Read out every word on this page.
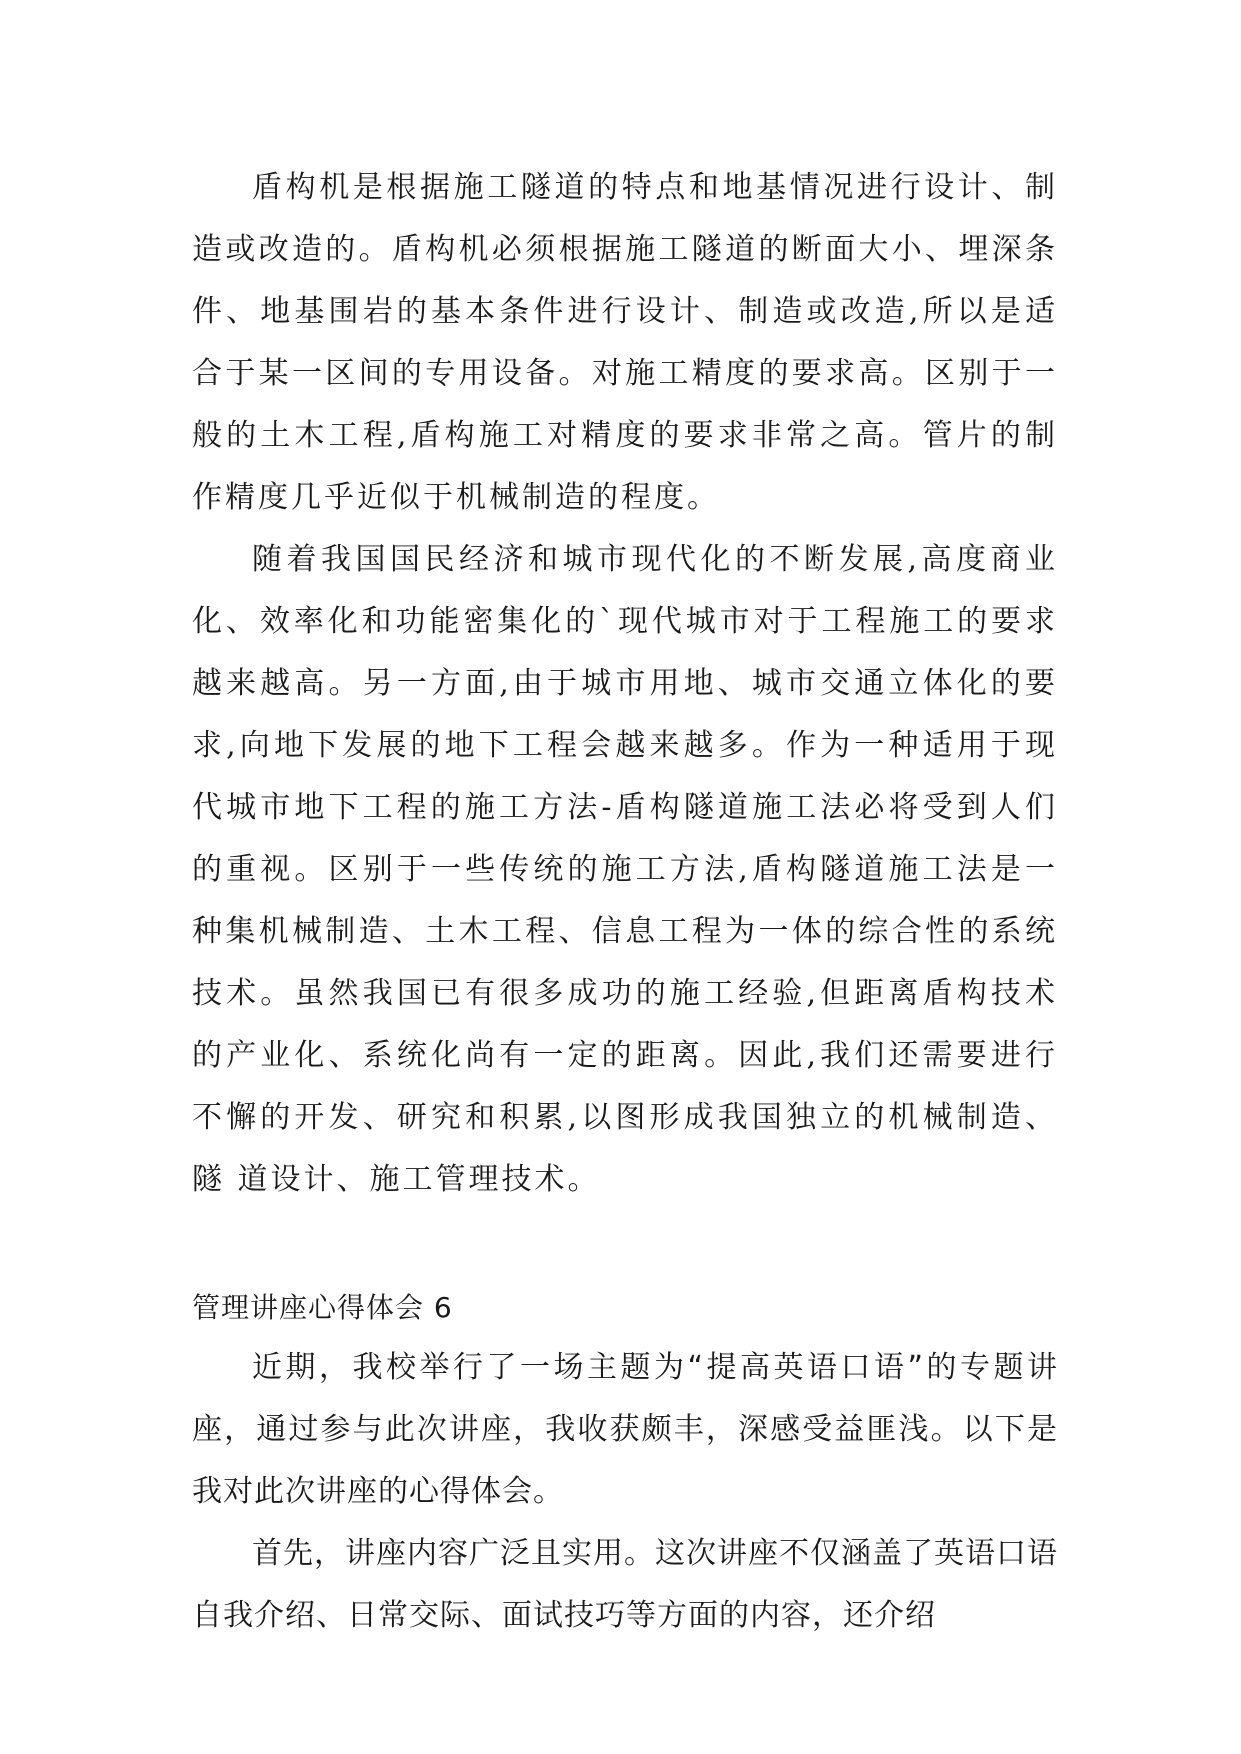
盾构机是根据施工隧道的特点和地基情况进行设计、制造或改造的。盾构机必须根据施工隧道的断面大小、埋深条件、地基围岩的基本条件进行设计、制造或改造,所以是适合于某一区间的专用设备。对施工精度的要求高。区别于一般的土木工程,盾构施工对精度的要求非常之高。管片的制作精度几乎近似于机械制造的程度。

随着我国国民经济和城市现代化的不断发展,高度商业化、效率化和功能密集化的`现代城市对于工程施工的要求越来越高。另一方面,由于城市用地、城市交通立体化的要求,向地下发展的地下工程会越来越多。作为一种适用于现代城市地下工程的施工方法-盾构隧道施工法必将受到人们的重视。区别于一些传统的施工方法,盾构隧道施工法是一种集机械制造、土木工程、信息工程为一体的综合性的系统技术。虽然我国已有很多成功的施工经验,但距离盾构技术的产业化、系统化尚有一定的距离。因此,我们还需要进行不懈的开发、研究和积累,以图形成我国独立的机械制造、隧 道设计、施工管理技术。

管理讲座心得体会 6

近期，我校举行了一场主题为“提高英语口语”的专题讲座，通过参与此次讲座，我收获颇丰，深感受益匪浅。以下是我对此次讲座的心得体会。

首先，讲座内容广泛且实用。这次讲座不仅涵盖了英语口语自我介绍、日常交际、面试技巧等方面的内容，还介绍
